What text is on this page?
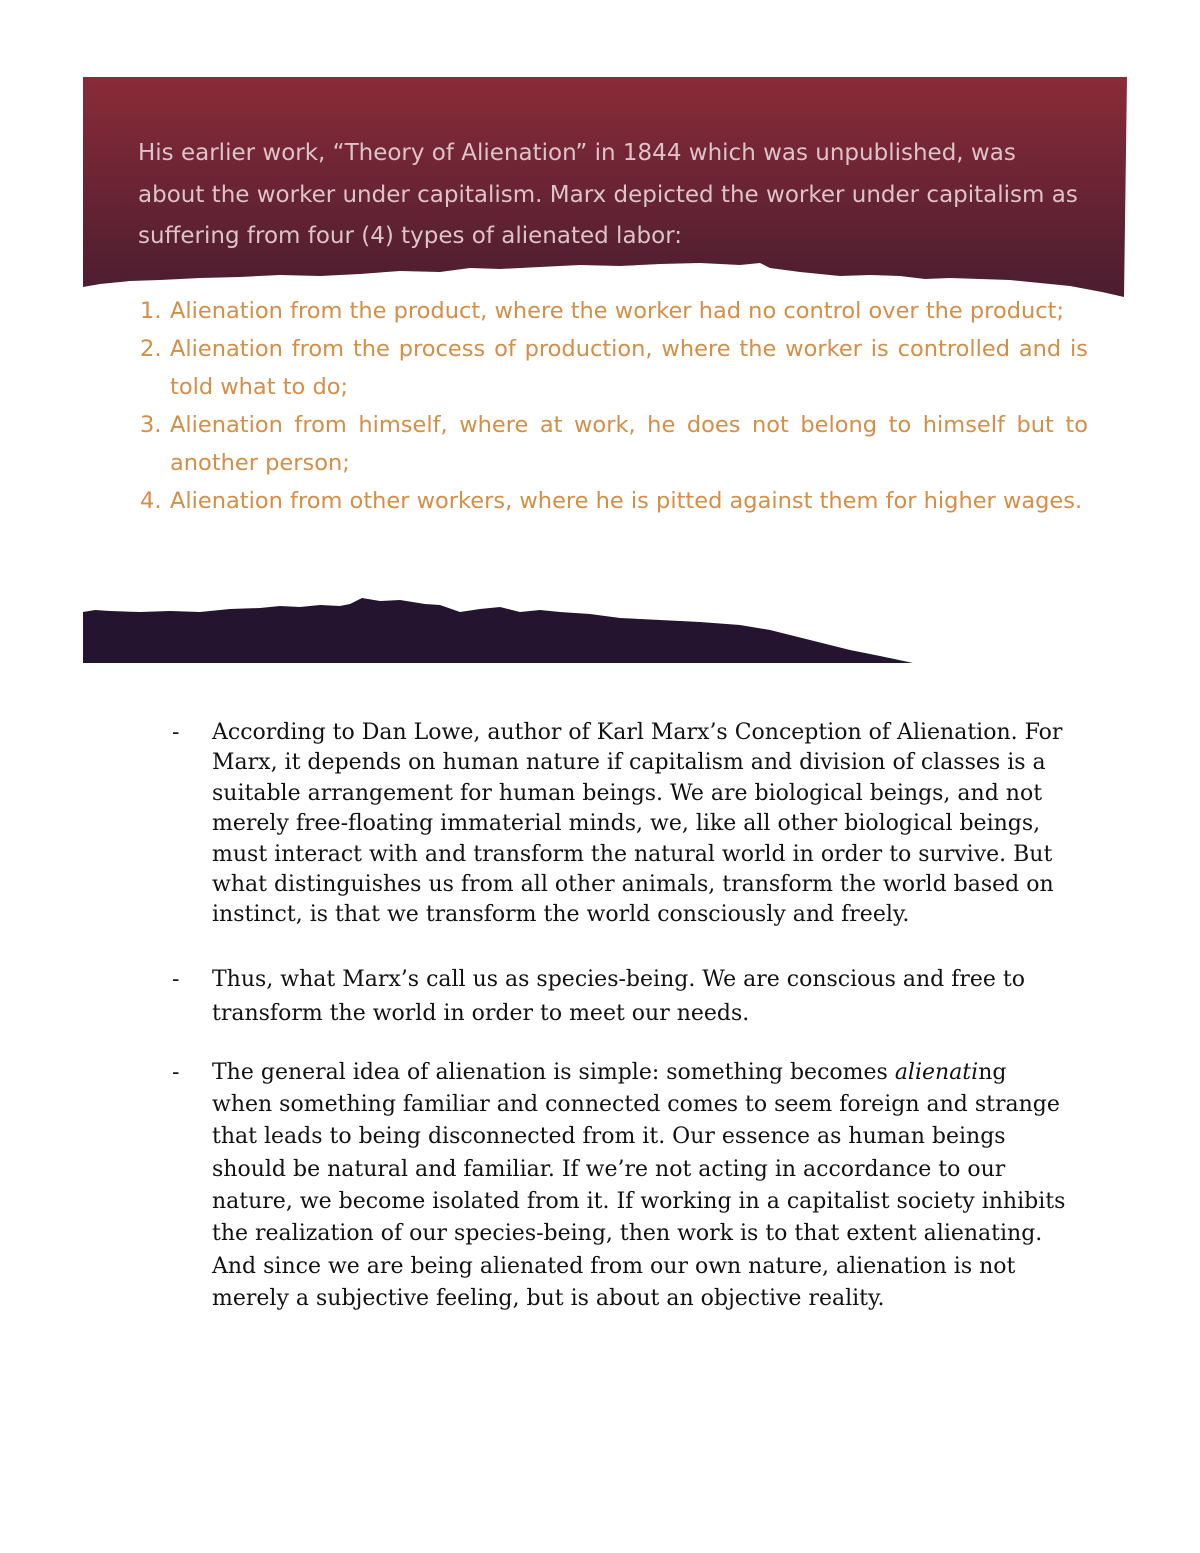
His earlier work, “Theory of Alienation” in 1844 which was unpublished, was about the worker under capitalism. Marx depicted the worker under capitalism as suffering from four (4) types of alienated labor:

1. Alienation from the product, where the worker had no control over the product;
2. Alienation from the process of production, where the worker is controlled and is told what to do;
3. Alienation from himself, where at work, he does not belong to himself but to another person;
4. Alienation from other workers, where he is pitted against them for higher wages.
- According to Dan Lowe, author of Karl Marx’s Conception of Alienation. For Marx, it depends on human nature if capitalism and division of classes is a suitable arrangement for human beings. We are biological beings, and not merely free-floating immaterial minds, we, like all other biological beings, must interact with and transform the natural world in order to survive. But what distinguishes us from all other animals, transform the world based on instinct, is that we transform the world consciously and freely.
- Thus, what Marx’s call us as species-being. We are conscious and free to transform the world in order to meet our needs.
- The general idea of alienation is simple: something becomes alienating when something familiar and connected comes to seem foreign and strange that leads to being disconnected from it. Our essence as human beings should be natural and familiar. If we’re not acting in accordance to our nature, we become isolated from it. If working in a capitalist society inhibits the realization of our species-being, then work is to that extent alienating. And since we are being alienated from our own nature, alienation is not merely a subjective feeling, but is about an objective reality.
